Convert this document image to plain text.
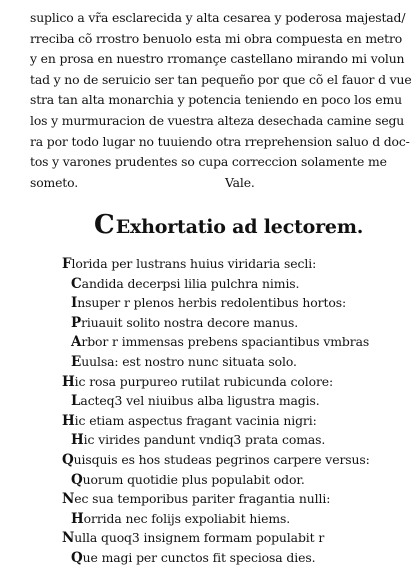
suplico a vr̃a esclarecida y alta cesarea y poderosa majestad/
rreciba cõ rrostro benuolo esta mi obra compuesta en metro
y en prosa en nuestro rromançe castellano mirando mi volun
tad y no de seruicio ser tan pequeño por que cõ el fauor d vue
stra tan alta monarchia y potencia teniendo en poco los emu
los y murmuracion de vuestra alteza desechada camine segu
ra por todo lugar no tuuiendo otra rreprehension saluo d doc-
tos y varones prudentes so cupa correccion solamente me
someto.	Vale.
C Exhortatio ad lectorem.
Florida per lustrans huius viridaria secli:
Candida decerpsi lilia pulchra nimis.
Insuper r plenos herbis redolentibus hortos:
Priuauit solito nostra decore manus.
Arbor r immensas prebens spaciantibus vmbras
Euulsa: est nostro nunc situata solo.
Hic rosa purpureo rutilat rubicunda colore:
Lacteq3 vel niuibus alba ligustra magis.
Hic etiam aspectus fragant vacinia nigri:
Hic virides pandunt vndiq3 prata comas.
Quisquis es hos studeas pegrinos carpere versus:
Quorum quotidie plus populabit odor.
Nec sua temporibus pariter fragantia nulli:
Horrida nec folijs expoliabit hiems.
Nulla quoq3 insignem formam populabit r
Que magi per cunctos fit speciosa dies.
